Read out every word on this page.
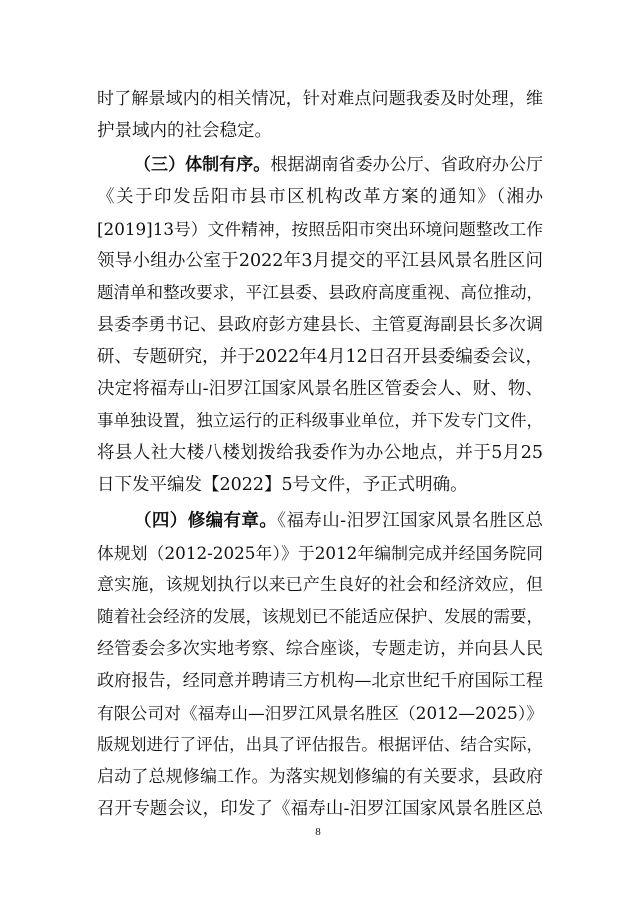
时了解景域内的相关情况，针对难点问题我委及时处理，维
护景域内的社会稳定。
（三）体制有序。根据湖南省委办公厅、省政府办公厅
《关于印发岳阳市县市区机构改革方案的通知》（湘办
[2019]13号）文件精神，按照岳阳市突出环境问题整改工作
领导小组办公室于2022年3月提交的平江县风景名胜区问
题清单和整改要求，平江县委、县政府高度重视、高位推动，
县委李勇书记、县政府彭方建县长、主管夏海副县长多次调
研、专题研究，并于2022年4月12日召开县委编委会议，
决定将福寿山-汨罗江国家风景名胜区管委会人、财、物、
事单独设置，独立运行的正科级事业单位，并下发专门文件，
将县人社大楼八楼划拨给我委作为办公地点，并于5月25
日下发平编发【2022】5号文件，予正式明确。
（四）修编有章。《福寿山-汨罗江国家风景名胜区总
体规划（2012-2025年）》于2012年编制完成并经国务院同
意实施，该规划执行以来已产生良好的社会和经济效应，但
随着社会经济的发展，该规划已不能适应保护、发展的需要，
经管委会多次实地考察、综合座谈，专题走访，并向县人民
政府报告，经同意并聘请三方机构—北京世纪千府国际工程
有限公司对《福寿山—汨罗江风景名胜区（2012—2025）》
版规划进行了评估，出具了评估报告。根据评估、结合实际，
启动了总规修编工作。为落实规划修编的有关要求，县政府
召开专题会议，印发了《福寿山-汨罗江国家风景名胜区总
8
